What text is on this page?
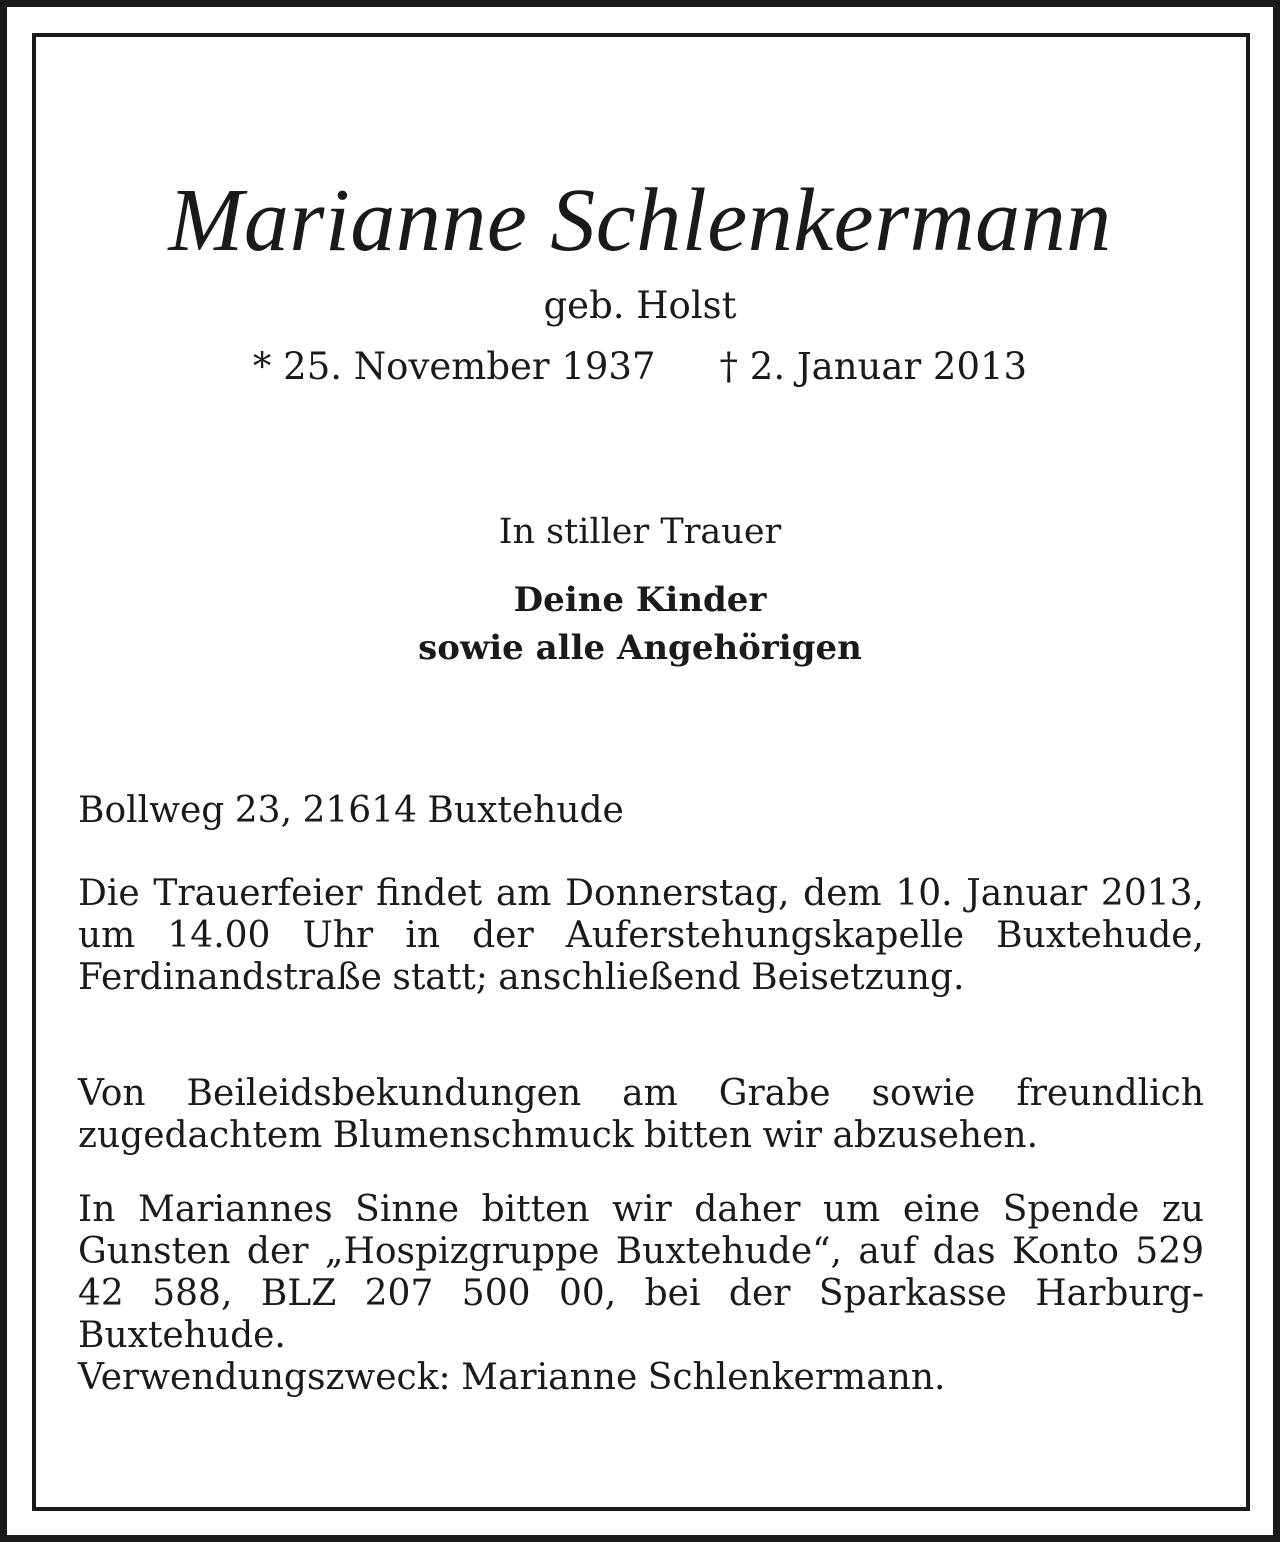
Marianne Schlenkermann
geb. Holst
* 25. November 1937 † 2. Januar 2013
In stiller Trauer
Deine Kinder
sowie alle Angehörigen
Bollweg 23, 21614 Buxtehude
Die Trauerfeier findet am Donnerstag, dem 10. Januar 2013, um 14.00 Uhr in der Auferstehungskapelle Buxtehude, Ferdinandstraße statt; anschließend Beisetzung.
Von Beileidsbekundungen am Grabe sowie freundlich zugedachtem Blumenschmuck bitten wir abzusehen.
In Mariannes Sinne bitten wir daher um eine Spende zu Gunsten der „Hospizgruppe Buxtehude“, auf das Konto 529 42 588, BLZ 207 500 00, bei der Sparkasse Harburg-Buxtehude.
Verwendungszweck: Marianne Schlenkermann.
